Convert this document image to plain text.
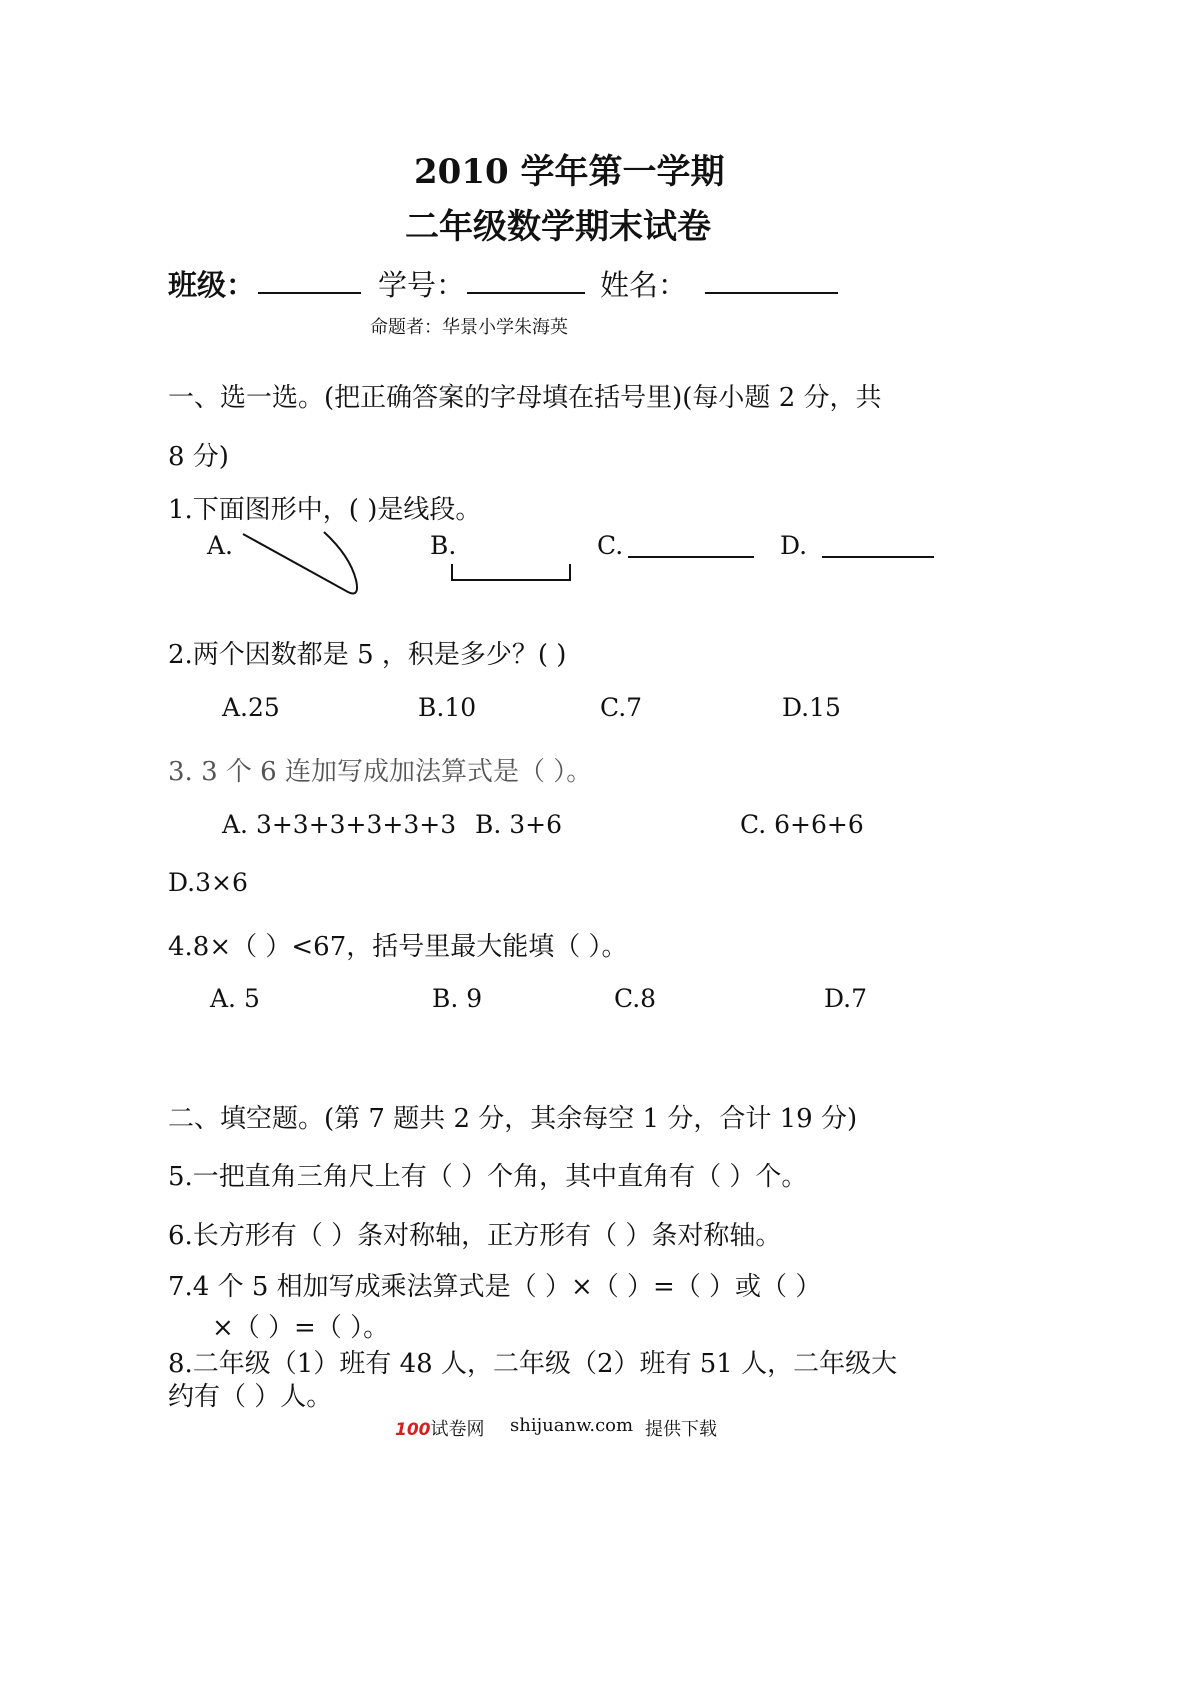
2010 学年第一学期
二年级数学期末试卷
班级：	学号：	姓名：
命题者：华景小学朱海英
一、选一选。(把正确答案的字母填在括号里)(每小题 2 分，共
8 分)
1.下面图形中，( )是线段。
A.	B.	C.	D.
2.两个因数都是 5 ，积是多少？( )
A.25	B.10	C.7	D.15
3. 3 个 6 连加写成加法算式是（ ）。
A. 3+3+3+3+3+3 B. 3+6	C. 6+6+6
D.3×6
4.8×（ ）<67，括号里最大能填（ ）。
A. 5	B. 9	C.8	D.7
二、填空题。(第 7 题共 2 分，其余每空 1 分，合计 19 分)
5.一把直角三角尺上有（ ）个角，其中直角有（ ）个。
6.长方形有（ ）条对称轴，正方形有（ ）条对称轴。
7.4 个 5 相加写成乘法算式是（ ）×（ ）=（ ）或（ ）
×（ ）=（ ）。
8.二年级（1）班有 48 人，二年级（2）班有 51 人，二年级大
约有（ ）人。
100试卷网 shijuanw.com 提供下载
